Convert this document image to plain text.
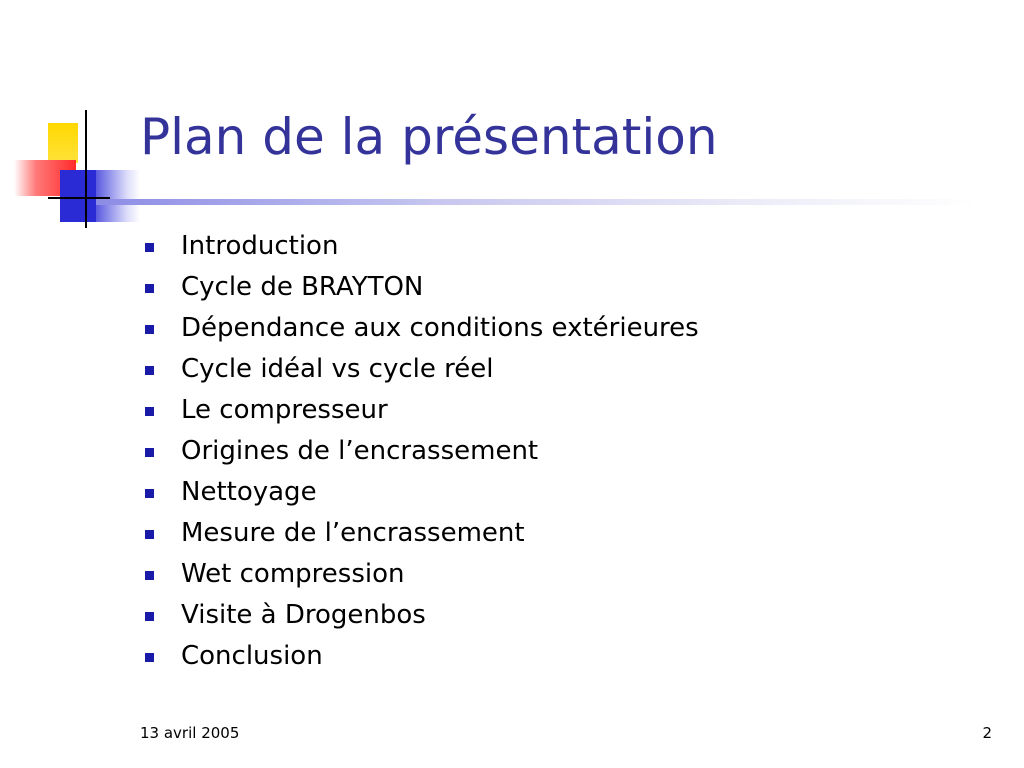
Plan de la présentation
Introduction
Cycle de BRAYTON
Dépendance aux conditions extérieures
Cycle idéal vs cycle réel
Le compresseur
Origines de l’encrassement
Nettoyage
Mesure de l’encrassement
Wet compression
Visite à Drogenbos
Conclusion
13 avril 2005	2
